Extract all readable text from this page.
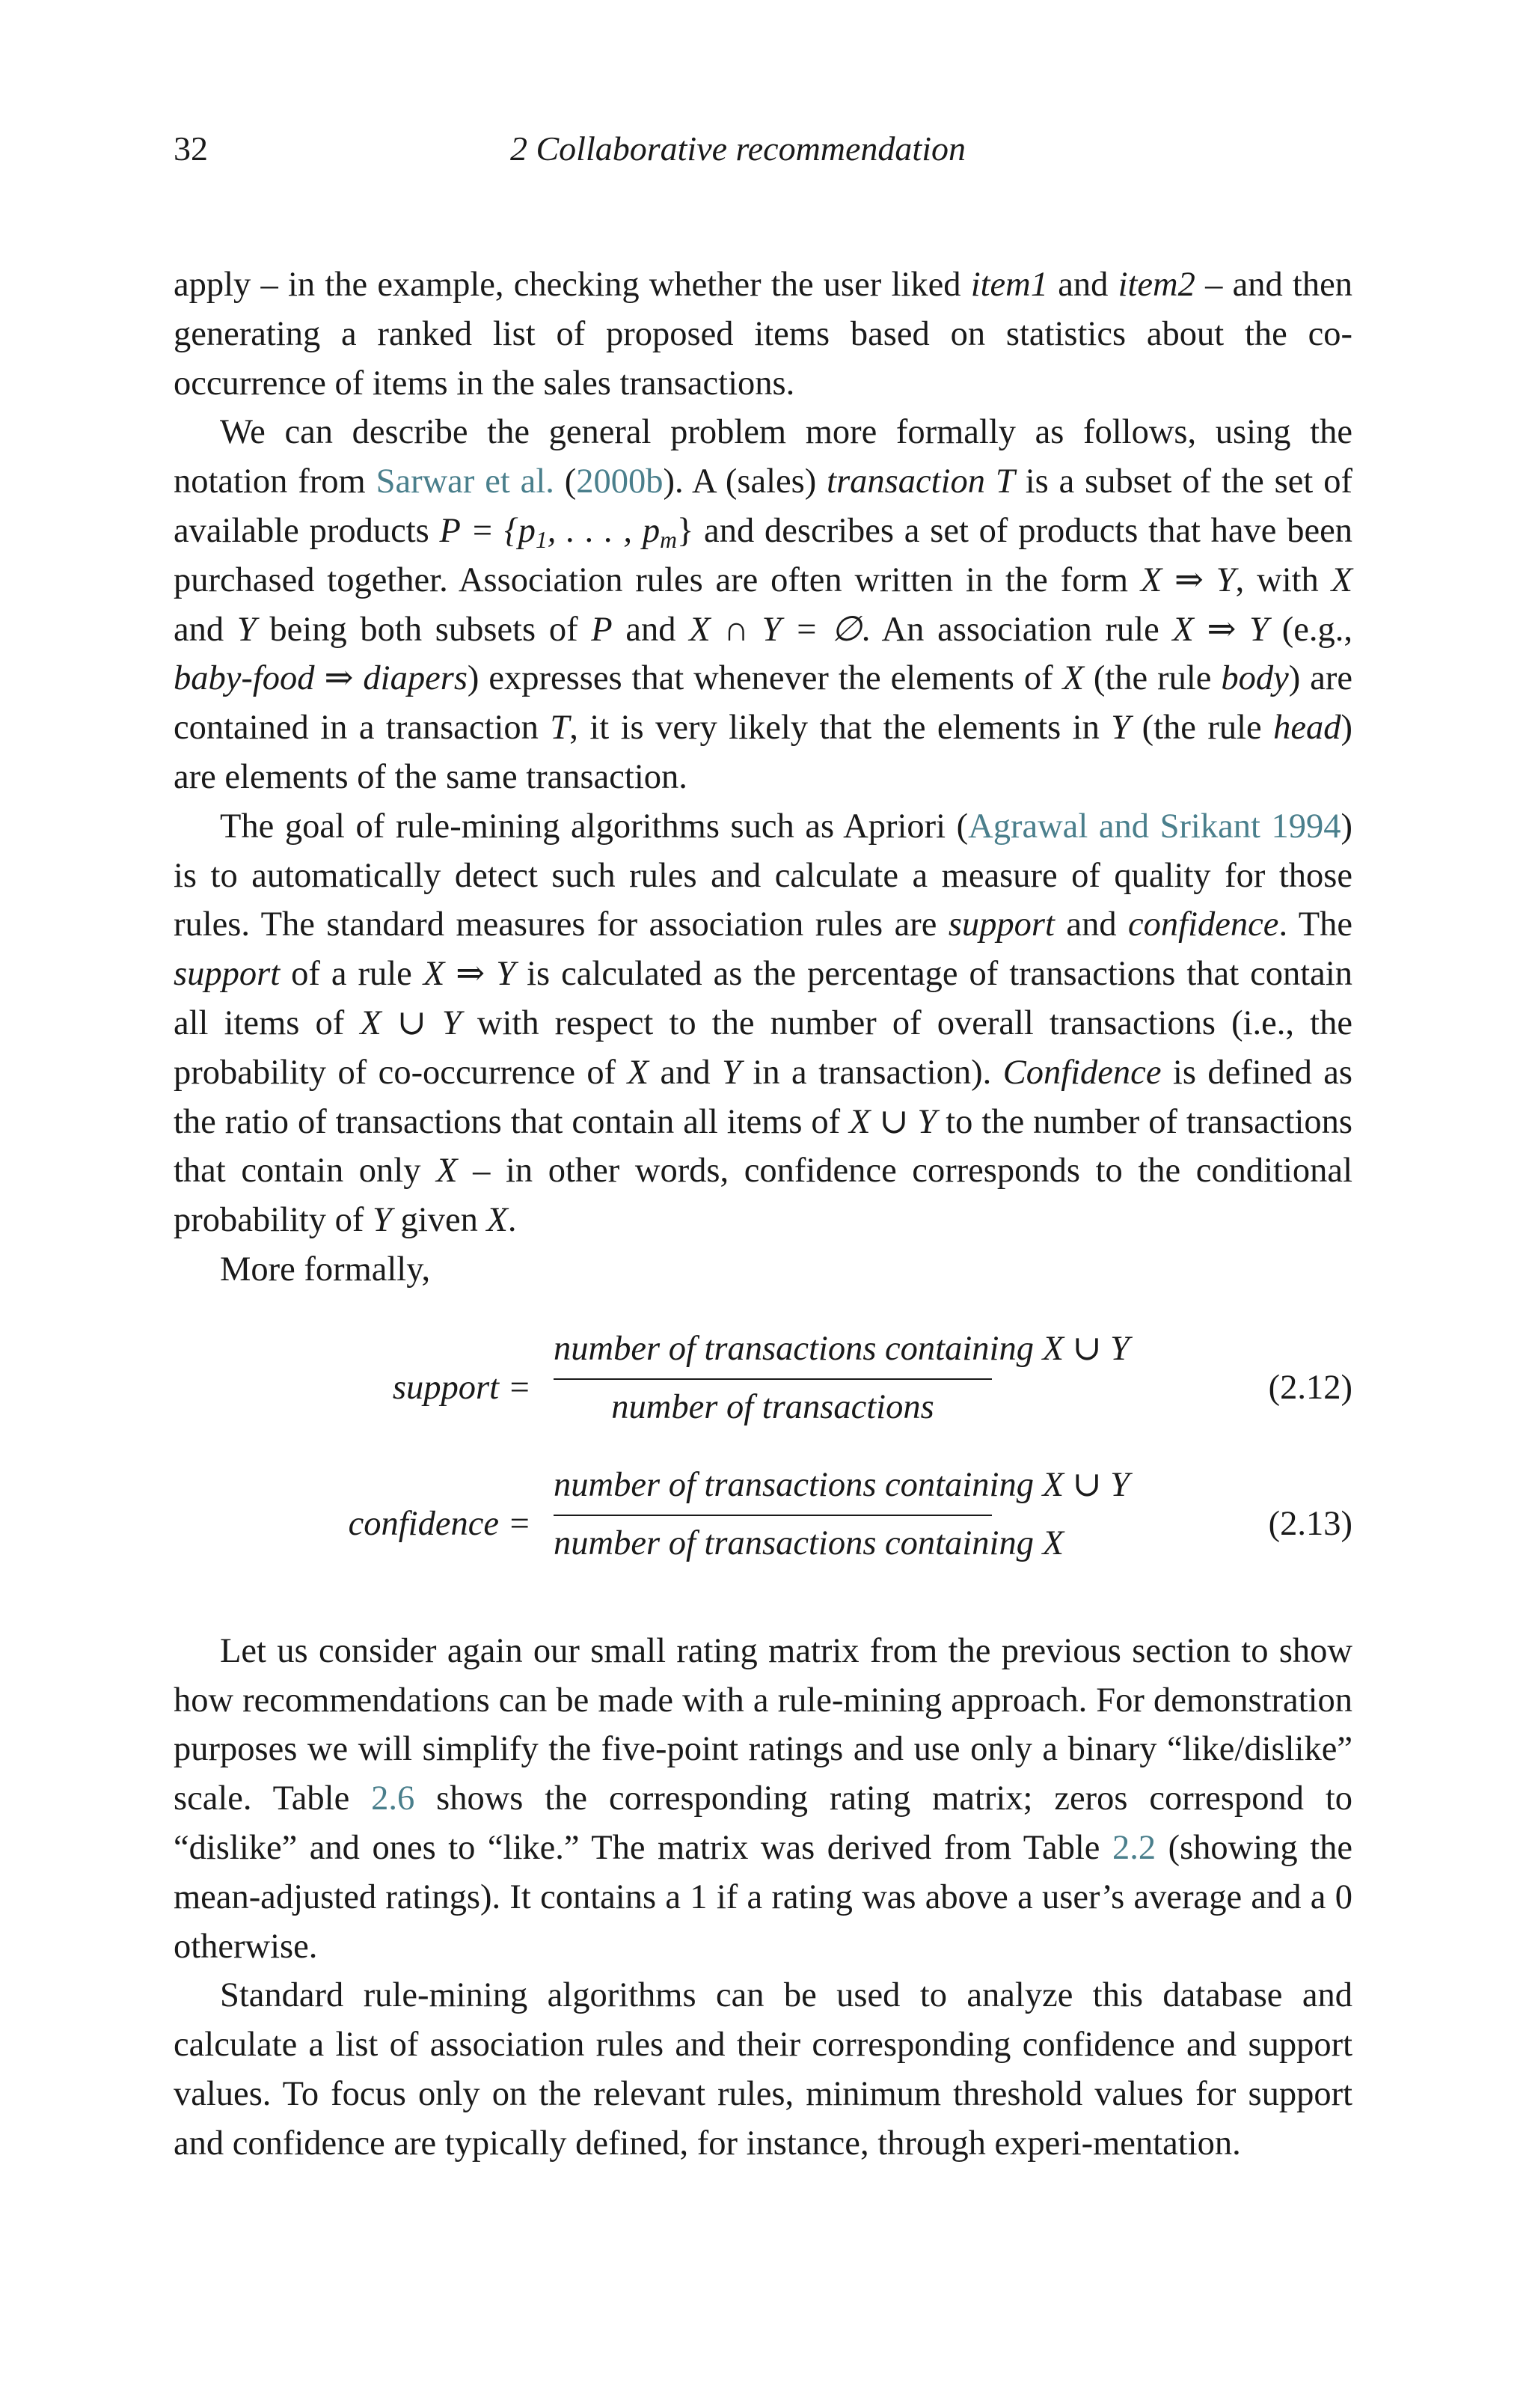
32	2 Collaborative recommendation

apply – in the example, checking whether the user liked item1 and item2 – and then generating a ranked list of proposed items based on statistics about the co-occurrence of items in the sales transactions.

We can describe the general problem more formally as follows, using the notation from Sarwar et al. (2000b). A (sales) transaction T is a subset of the set of available products $P = \{p_1$, . . . , $p_m$} and describes a set of products that have been purchased together. Association rules are often written in the form X ⇒ Y, with X and Y being both subsets of P and X ∩ Y = ∅. An association rule X ⇒ Y (e.g., baby-food ⇒ diapers) expresses that whenever the elements of X (the rule body) are contained in a transaction T, it is very likely that the elements in Y (the rule head) are elements of the same transaction.

The goal of rule-mining algorithms such as Apriori (Agrawal and Srikant 1994) is to automatically detect such rules and calculate a measure of quality for those rules. The standard measures for association rules are support and confidence. The support of a rule X ⇒ Y is calculated as the percentage of transactions that contain all items of X ∪ Y with respect to the number of overall transactions (i.e., the probability of co-occurrence of X and Y in a transaction). Confidence is defined as the ratio of transactions that contain all items of X ∪ Y to the number of transactions that contain only X – in other words, confidence corresponds to the conditional probability of Y given X.

More formally,

support =
number of transactions containing X ∪ Y
number of transactions
(2.12)
confidence =
number of transactions containing X ∪ Y
number of transactions containing X
(2.13)

Let us consider again our small rating matrix from the previous section to show how recommendations can be made with a rule-mining approach. For demonstration purposes we will simplify the five-point ratings and use only a binary “like/dislike” scale. Table 2.6 shows the corresponding rating matrix; zeros correspond to “dislike” and ones to “like.” The matrix was derived from Table 2.2 (showing the mean-adjusted ratings). It contains a 1 if a rating was above a user’s average and a 0 otherwise.

Standard rule-mining algorithms can be used to analyze this database and calculate a list of association rules and their corresponding confidence and support values. To focus only on the relevant rules, minimum threshold values for support and confidence are typically defined, for instance, through experi-mentation.
